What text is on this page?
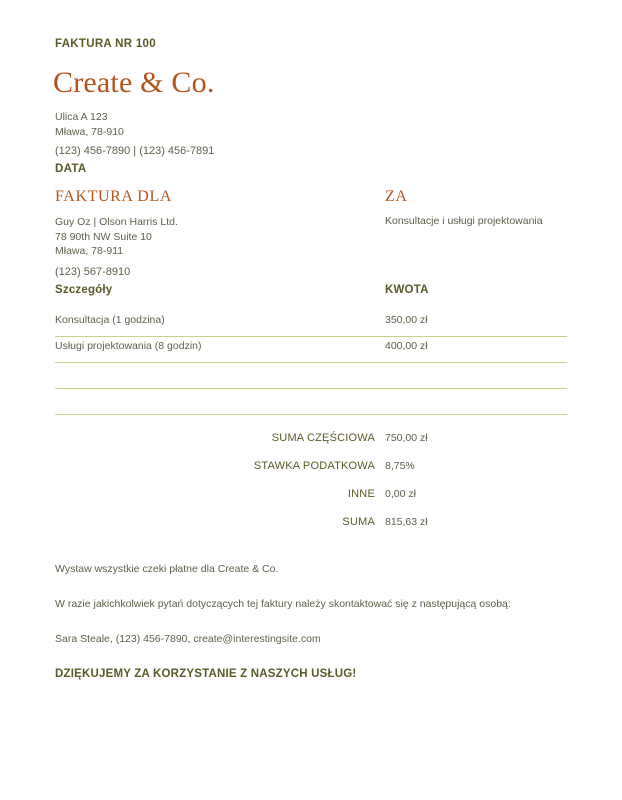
FAKTURA NR 100
Create & Co.
Ulica A 123
Mława, 78-910
(123) 456-7890 | (123) 456-7891
DATA
FAKTURA DLA
Guy Oz | Olson Harris Ltd.
78 90th NW Suite 10
Mława, 78-911
(123) 567-8910
ZA
Konsultacje i usługi projektowania
Szczegóły	KWOTA
Konsultacja (1 godzina)	350,00 zł
Usługi projektowania (8 godzin)	400,00 zł
SUMA CZĘŚCIOWA 750,00 zł
STAWKA PODATKOWA 8,75%
INNE 0,00 zł
SUMA 815,63 zł

Wystaw wszystkie czeki płatne dla Create & Co.

W razie jakichkolwiek pytań dotyczących tej faktury należy skontaktować się z następującą osobą:

Sara Steale, (123) 456-7890, create@interestingsite.com

DZIĘKUJEMY ZA KORZYSTANIE Z NASZYCH USŁUG!
